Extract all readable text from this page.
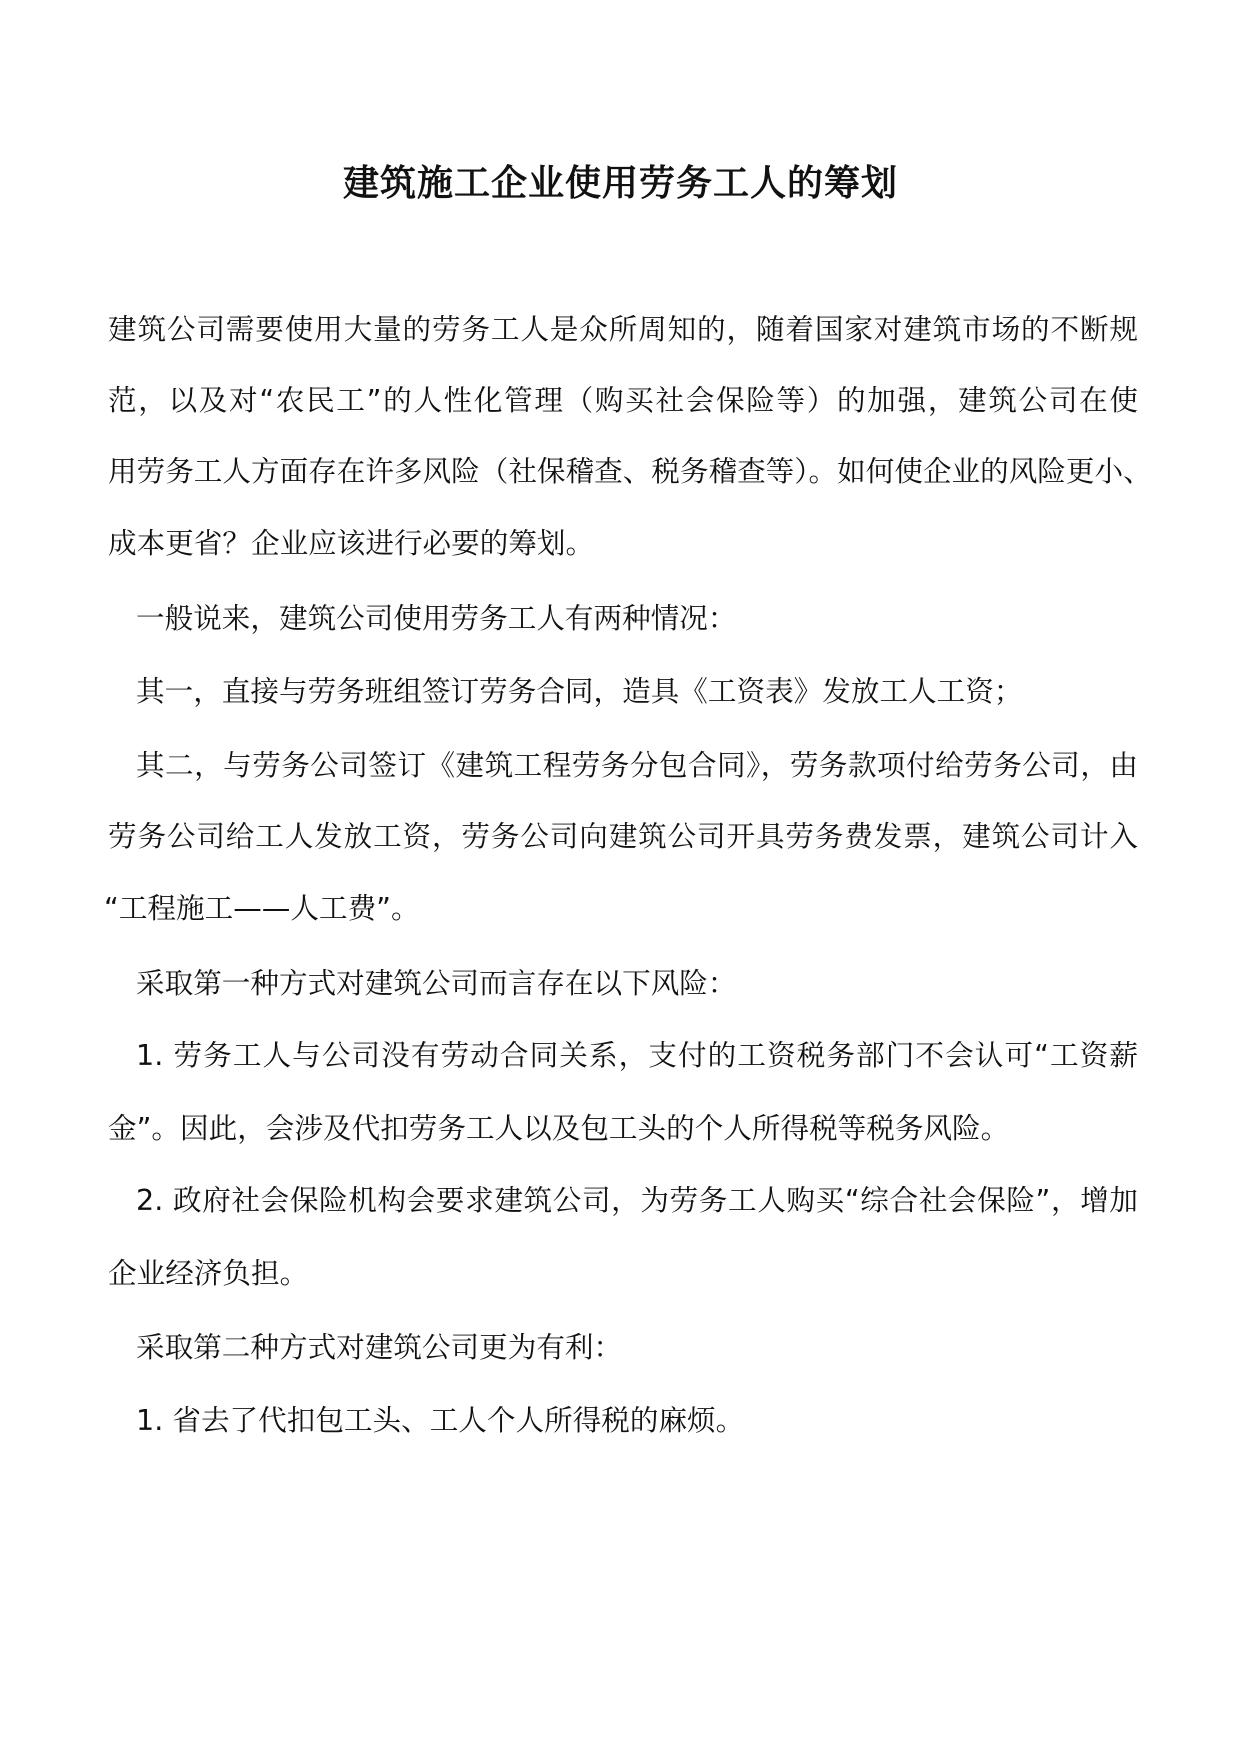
建筑施工企业使用劳务工人的筹划

建筑公司需要使用大量的劳务工人是众所周知的，随着国家对建筑市场的不断规

范，以及对“农民工”的人性化管理（购买社会保险等）的加强，建筑公司在使

用劳务工人方面存在许多风险（社保稽查、税务稽查等）。如何使企业的风险更小、

成本更省？企业应该进行必要的筹划。

一般说来，建筑公司使用劳务工人有两种情况：

其一，直接与劳务班组签订劳务合同，造具《工资表》发放工人工资；

其二，与劳务公司签订《建筑工程劳务分包合同》，劳务款项付给劳务公司，由

劳务公司给工人发放工资，劳务公司向建筑公司开具劳务费发票，建筑公司计入

“工程施工——人工费”。

采取第一种方式对建筑公司而言存在以下风险：

1. 劳务工人与公司没有劳动合同关系，支付的工资税务部门不会认可“工资薪

金”。因此，会涉及代扣劳务工人以及包工头的个人所得税等税务风险。

2. 政府社会保险机构会要求建筑公司，为劳务工人购买“综合社会保险”，增加

企业经济负担。

采取第二种方式对建筑公司更为有利：

1. 省去了代扣包工头、工人个人所得税的麻烦。
